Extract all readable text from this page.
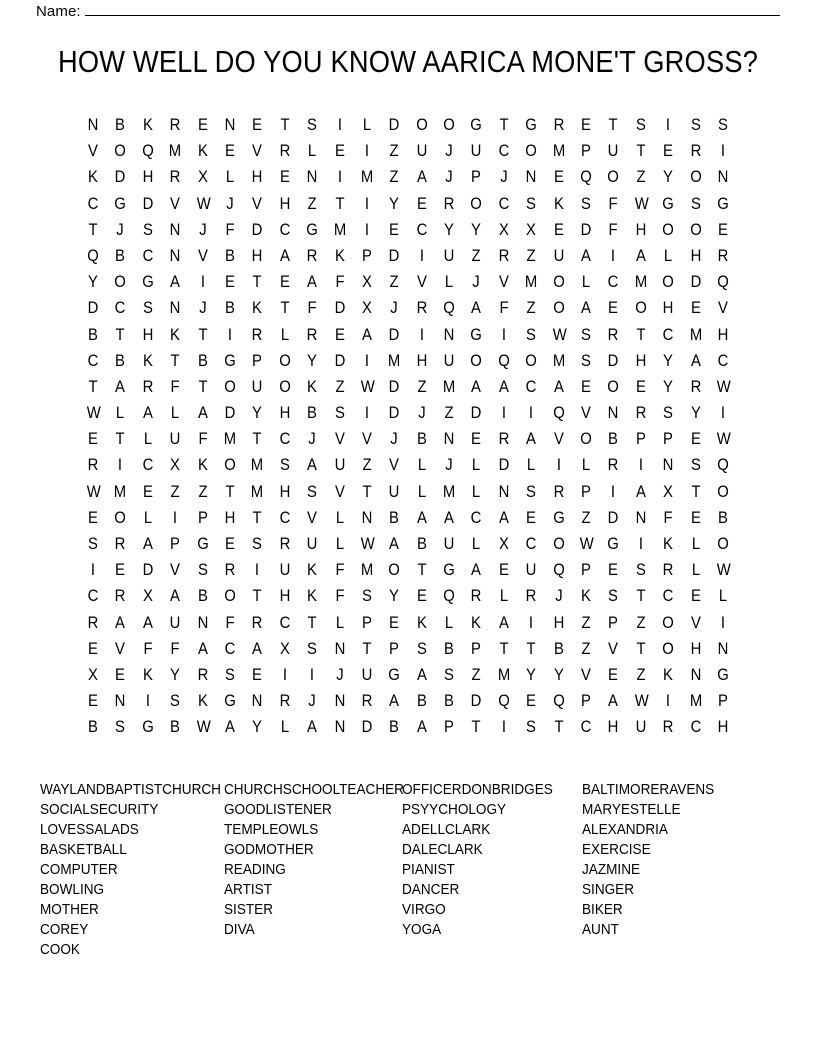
Name:
HOW WELL DO YOU KNOW AARICA MONE'T GROSS?
N B K R E N E T S I L D O O G T G R E T S I S S
V O Q M K E V R L E I Z U J U C O M P U T E R I
K D H R X L H E N I M Z A J P J N E Q O Z Y O N
C G D V W J V H Z T I Y E R O C S K S F W G S G
T J S N J F D C G M I E C Y Y X X E D F H O O E
Q B C N V B H A R K P D I U Z R Z U A I A L H R
Y O G A I E T E A F X Z V L J V M O L C M O D Q
D C S N J B K T F D X J R Q A F Z O A E O H E V
B T H K T I R L R E A D I N G I S W S R T C M H
C B K T B G P O Y D I M H U O Q O M S D H Y A C
T A R F T O U O K Z W D Z M A A C A E O E Y R W
W L A L A D Y H B S I D J Z D I I Q V N R S Y I
E T L U F M T C J V V J B N E R A V O B P P E W
R I C X K O M S A U Z V L J L D L I L R I N S Q
W M E Z Z T M H S V T U L M L N S R P I A X T O
E O L I P H T C V L N B A A C A E G Z D N F E B
S R A P G E S R U L W A B U L X C O W G I K L O
I E D V S R I U K F M O T G A E U Q P E S R L W
C R X A B O T H K F S Y E Q R L R J K S T C E L
R A A U N F R C T L P E K L K A I H Z P Z O V I
E V F F A C A X S N T P S B P T T B Z V T O H N
X E K Y R S E I I J U G A S Z M Y Y V E Z K N G
E N I S K G N R J N R A B B D Q E Q P A W I M P
B S G B W A Y L A N D B A P T I S T C H U R C H
WAYLANDBAPTISTCHURCH
SOCIALSECURITY
LOVESSALADS
BASKETBALL
COMPUTER
BOWLING
MOTHER
COREY
COOK
CHURCHSCHOOLTEACHER
GOODLISTENER
TEMPLEOWLS
GODMOTHER
READING
ARTIST
SISTER
DIVA
OFFICERDONBRIDGES
PSYYCHOLOGY
ADELLCLARK
DALECLARK
PIANIST
DANCER
VIRGO
YOGA
BALTIMORERAVENS
MARYESTELLE
ALEXANDRIA
EXERCISE
JAZMINE
SINGER
BIKER
AUNT
